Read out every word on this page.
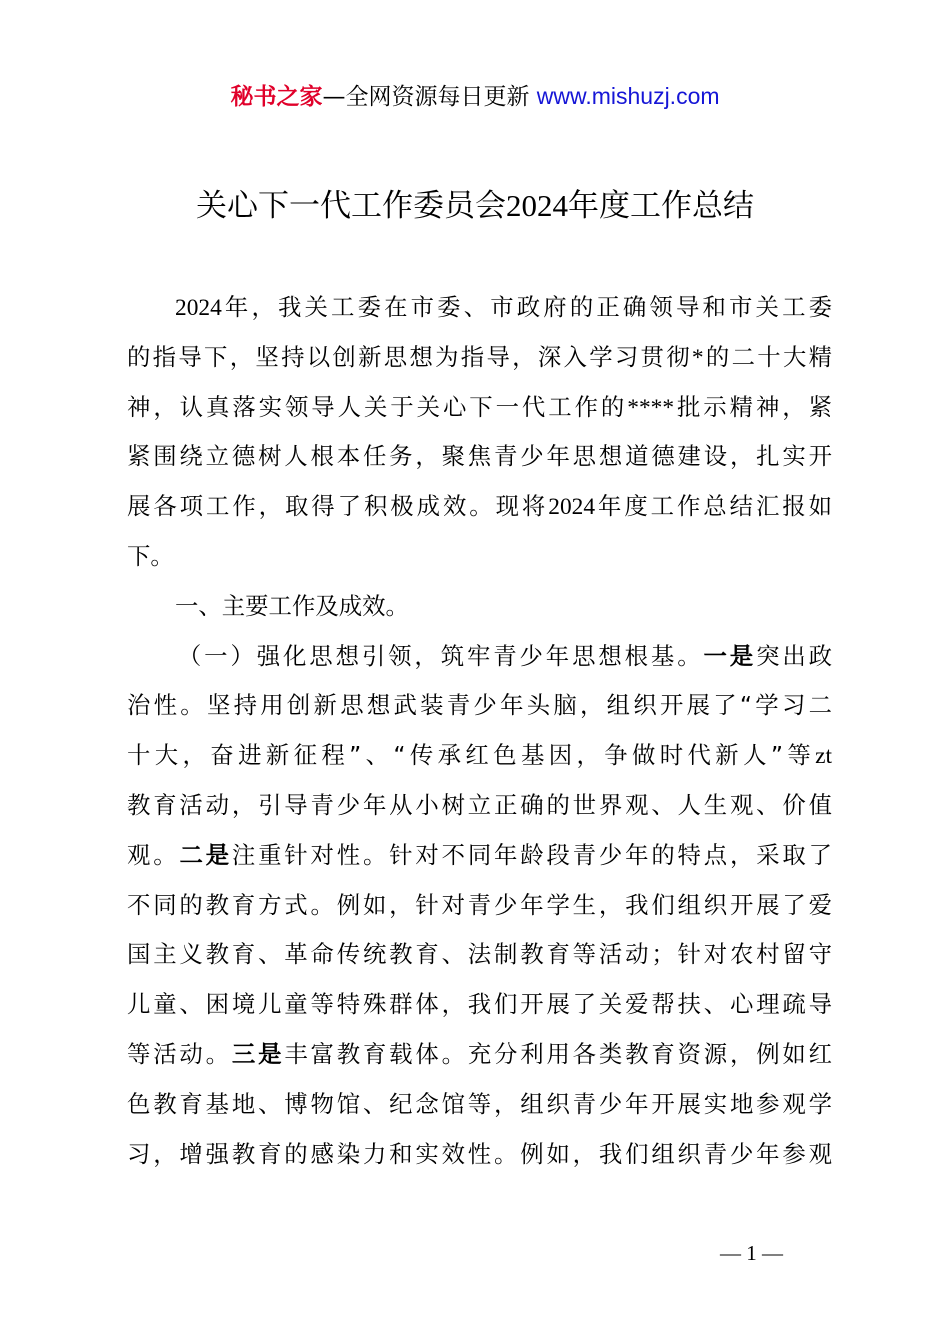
秘书之家—全网资源每日更新 www.mishuzj.com
关心下一代工作委员会2024年度工作总结
2024年，我关工委在市委、市政府的正确领导和市关工委
的指导下，坚持以创新思想为指导，深入学习贯彻*的二十大精
神，认真落实领导人关于关心下一代工作的****批示精神，紧
紧围绕立德树人根本任务，聚焦青少年思想道德建设，扎实开
展各项工作，取得了积极成效。现将2024年度工作总结汇报如
下。
一、主要工作及成效。
（一）强化思想引领，筑牢青少年思想根基。一是突出政
治性。坚持用创新思想武装青少年头脑，组织开展了“学习二
十大，奋进新征程”、“传承红色基因，争做时代新人”等zt
教育活动，引导青少年从小树立正确的世界观、人生观、价值
观。二是注重针对性。针对不同年龄段青少年的特点，采取了
不同的教育方式。例如，针对青少年学生，我们组织开展了爱
国主义教育、革命传统教育、法制教育等活动；针对农村留守
儿童、困境儿童等特殊群体，我们开展了关爱帮扶、心理疏导
等活动。三是丰富教育载体。充分利用各类教育资源，例如红
色教育基地、博物馆、纪念馆等，组织青少年开展实地参观学
习，增强教育的感染力和实效性。例如，我们组织青少年参观
— 1 —
